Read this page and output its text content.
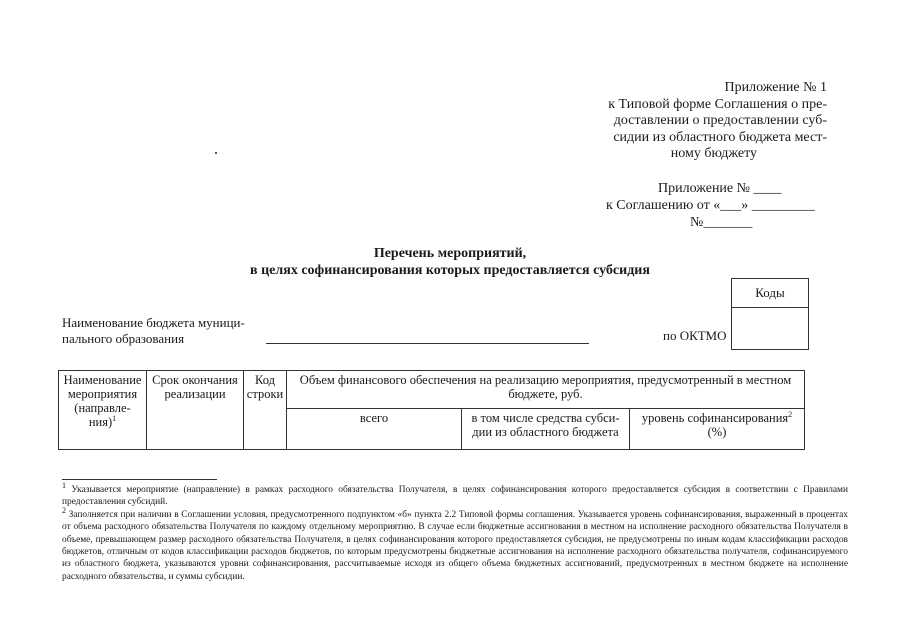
Приложение № 1
к Типовой форме Соглашения о пре-
доставлении о предоставлении суб-
сидии из областного бюджета мест-
ному бюджету
Приложение № ____
к Соглашению от «___» _________
№_______
Перечень мероприятий,
в целях софинансирования которых предоставляется субсидия
Коды
Наименование бюджета муници-
пального образования	по ОКТМО
Наименование мероприятия (направле-ния)$^1$	Срок окончания реализации	Код строки	Объем финансового обеспечения на реализацию мероприятия, предусмотренный в местном бюджете, руб.		
			всего	в том числе средства субси-дии из областного бюджета	уровень софинансирования$^2$
(%)

$^1$ Указывается мероприятие (направление) в рамках расходного обязательства Получателя, в целях софинансирования которого предоставляется субсидия в соответствии с Правилами предоставления субсидий.

$^2$ Заполняется при наличии в Соглашении условия, предусмотренного подпунктом «б» пункта 2.2 Типовой формы соглашения. Указывается уровень софинансирования, выраженный в процентах от объема расходного обязательства Получателя по каждому отдельному мероприятию. В случае если бюджетные ассигнования в местном на исполнение расходного обязательства Получателя в объеме, превышающем размер расходного обязательства Получателя, в целях софинансирования которого предоставляется субсидия, не предусмотрены по иным кодам классификации расходов бюджетов, отличным от кодов классификации расходов бюджетов, по которым предусмотрены бюджетные ассигнования на исполнение расходного обязательства получателя, софинансируемого из областного бюджета, указываются уровни софинансирования, рассчитываемые исходя из общего объема бюджетных ассигнований, предусмотренных в местном бюджете на исполнение расходного обязательства, и суммы субсидии.
